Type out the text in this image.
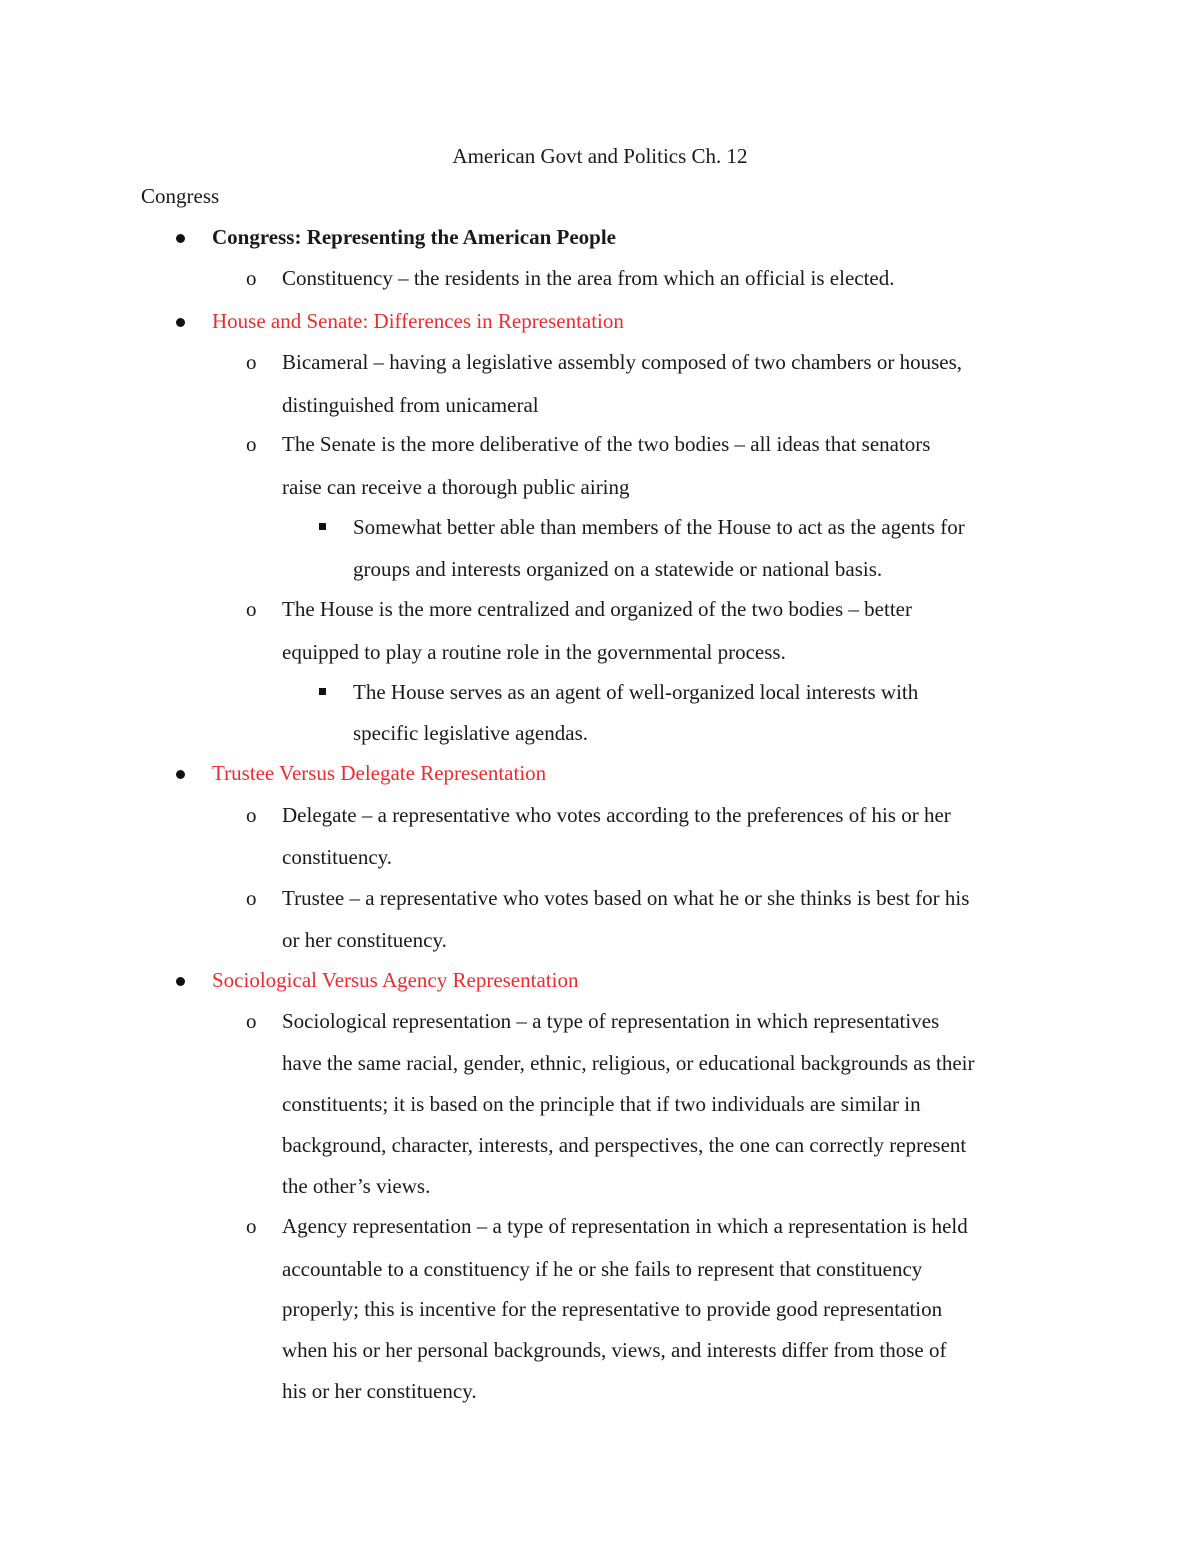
American Govt and Politics Ch. 12
Congress
Congress: Representing the American People
o Constituency – the residents in the area from which an official is elected.
House and Senate: Differences in Representation
o Bicameral – having a legislative assembly composed of two chambers or houses,
distinguished from unicameral
o The Senate is the more deliberative of the two bodies – all ideas that senators
raise can receive a thorough public airing
Somewhat better able than members of the House to act as the agents for
groups and interests organized on a statewide or national basis.
o The House is the more centralized and organized of the two bodies – better
equipped to play a routine role in the governmental process.
The House serves as an agent of well-organized local interests with
specific legislative agendas.
Trustee Versus Delegate Representation
o Delegate – a representative who votes according to the preferences of his or her
constituency.
o Trustee – a representative who votes based on what he or she thinks is best for his
or her constituency.
Sociological Versus Agency Representation
o Sociological representation – a type of representation in which representatives
have the same racial, gender, ethnic, religious, or educational backgrounds as their
constituents; it is based on the principle that if two individuals are similar in
background, character, interests, and perspectives, the one can correctly represent
the other’s views.
o Agency representation – a type of representation in which a representation is held
accountable to a constituency if he or she fails to represent that constituency
properly; this is incentive for the representative to provide good representation
when his or her personal backgrounds, views, and interests differ from those of
his or her constituency.
